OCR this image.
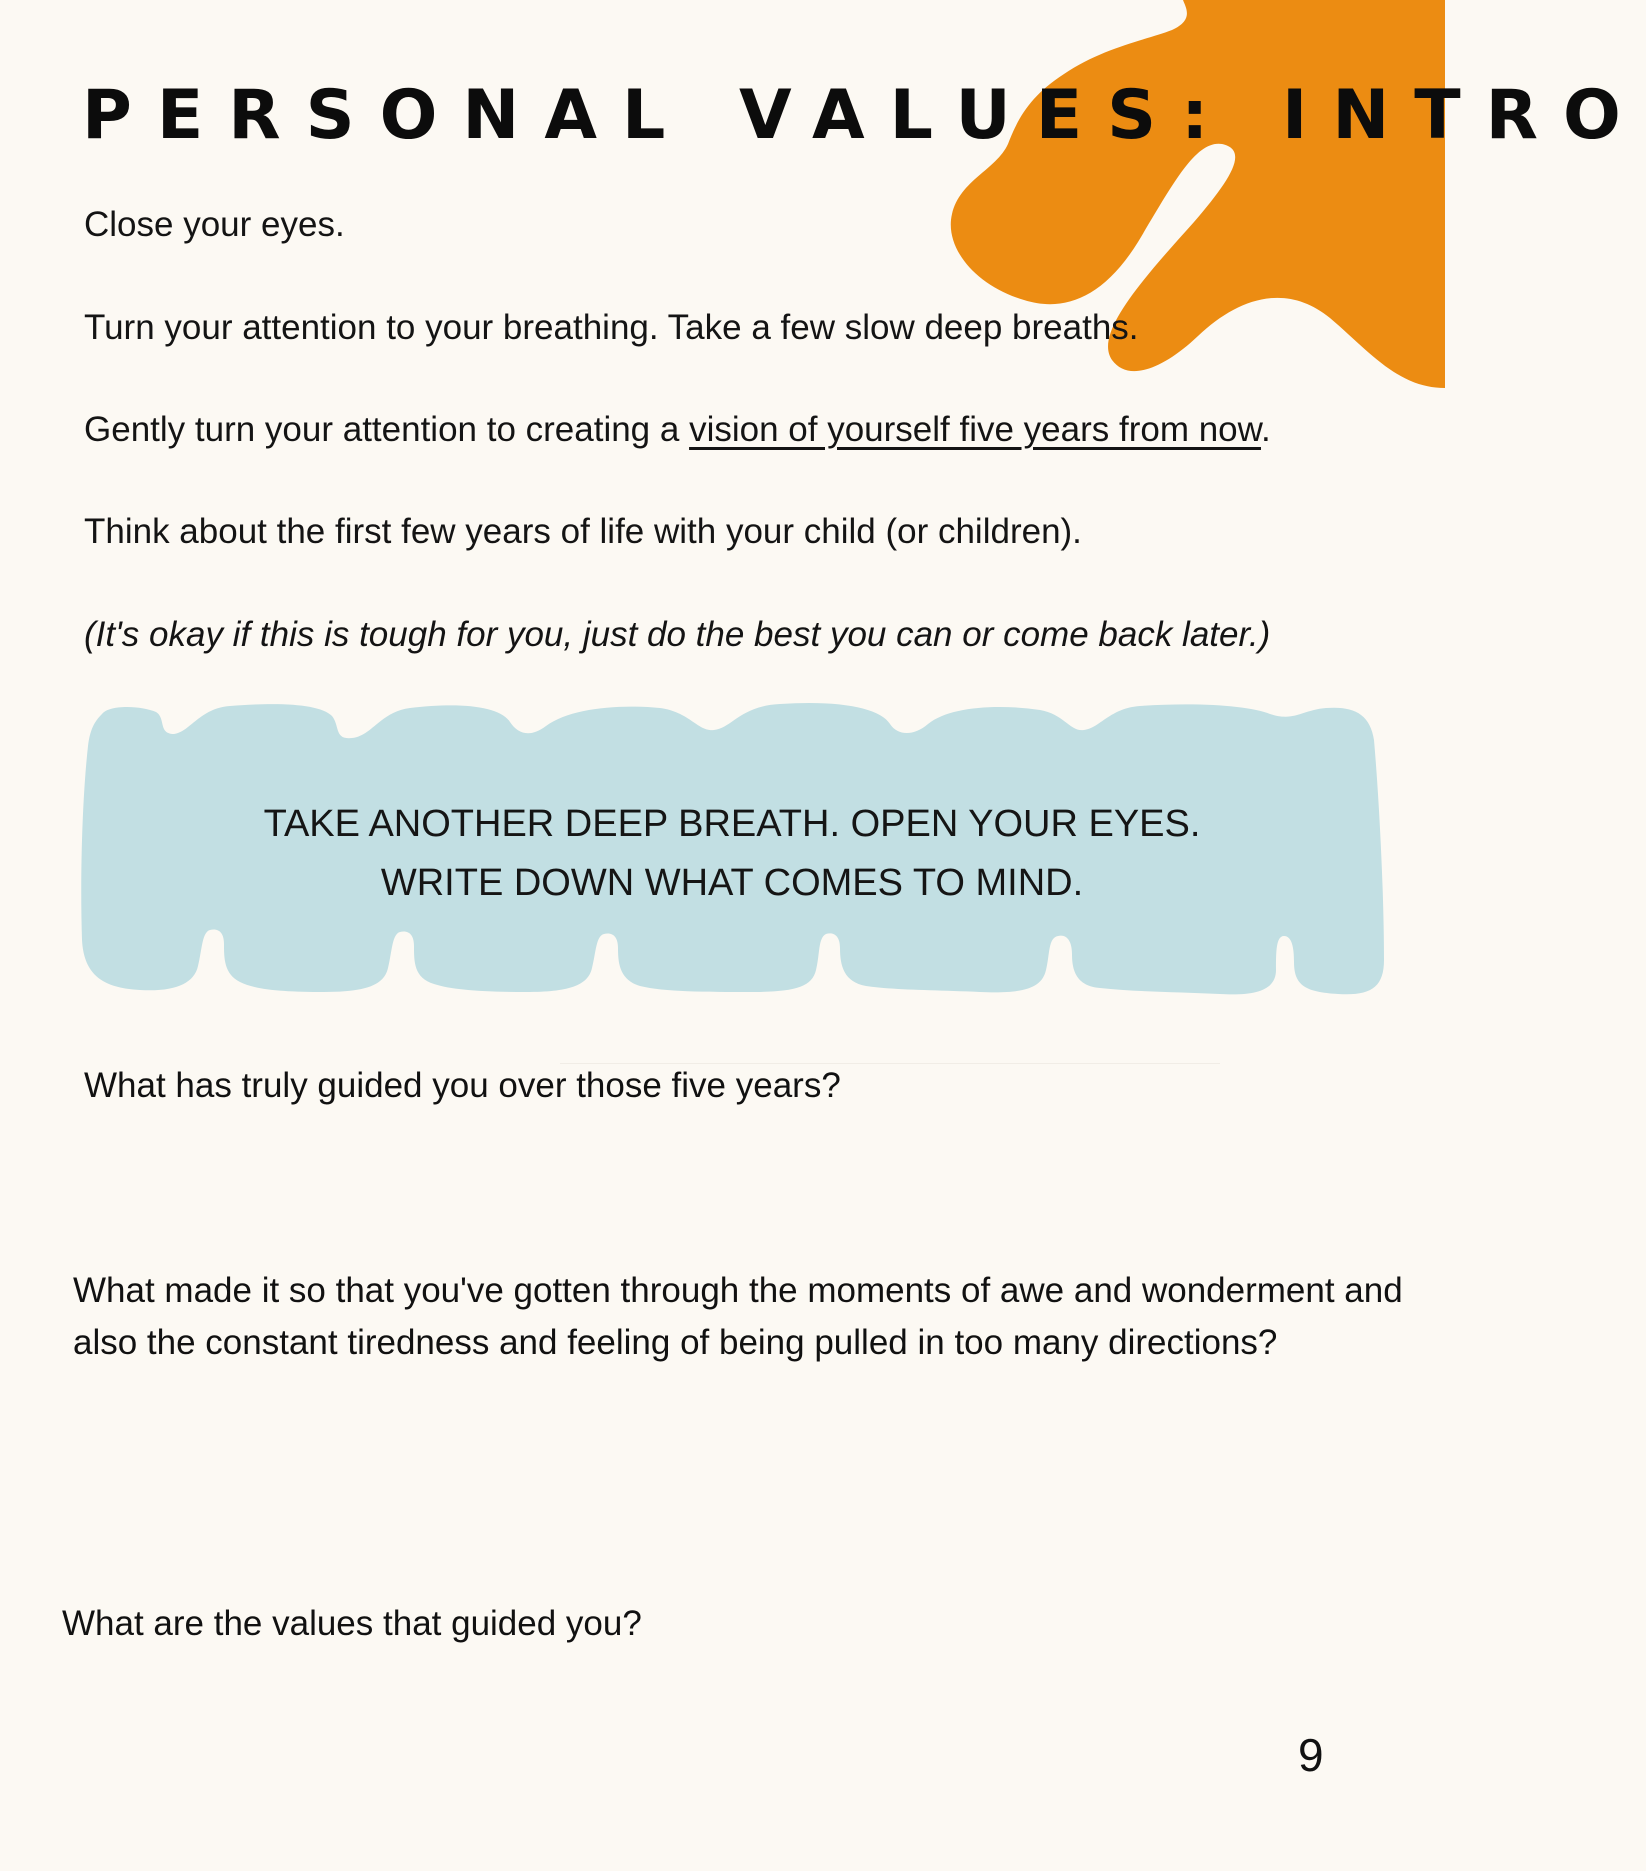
PERSONAL VALUES: INTRO

Close your eyes.

Turn your attention to your breathing. Take a few slow deep breaths.

Gently turn your attention to creating a vision of yourself five years from now.

Think about the first few years of life with your child (or children).

(It's okay if this is tough for you, just do the best you can or come back later.)

TAKE ANOTHER DEEP BREATH. OPEN YOUR EYES.
WRITE DOWN WHAT COMES TO MIND.

What has truly guided you over those five years?

What made it so that you've gotten through the moments of awe and wonderment and also the constant tiredness and feeling of being pulled in too many directions?

What are the values that guided you?

9
